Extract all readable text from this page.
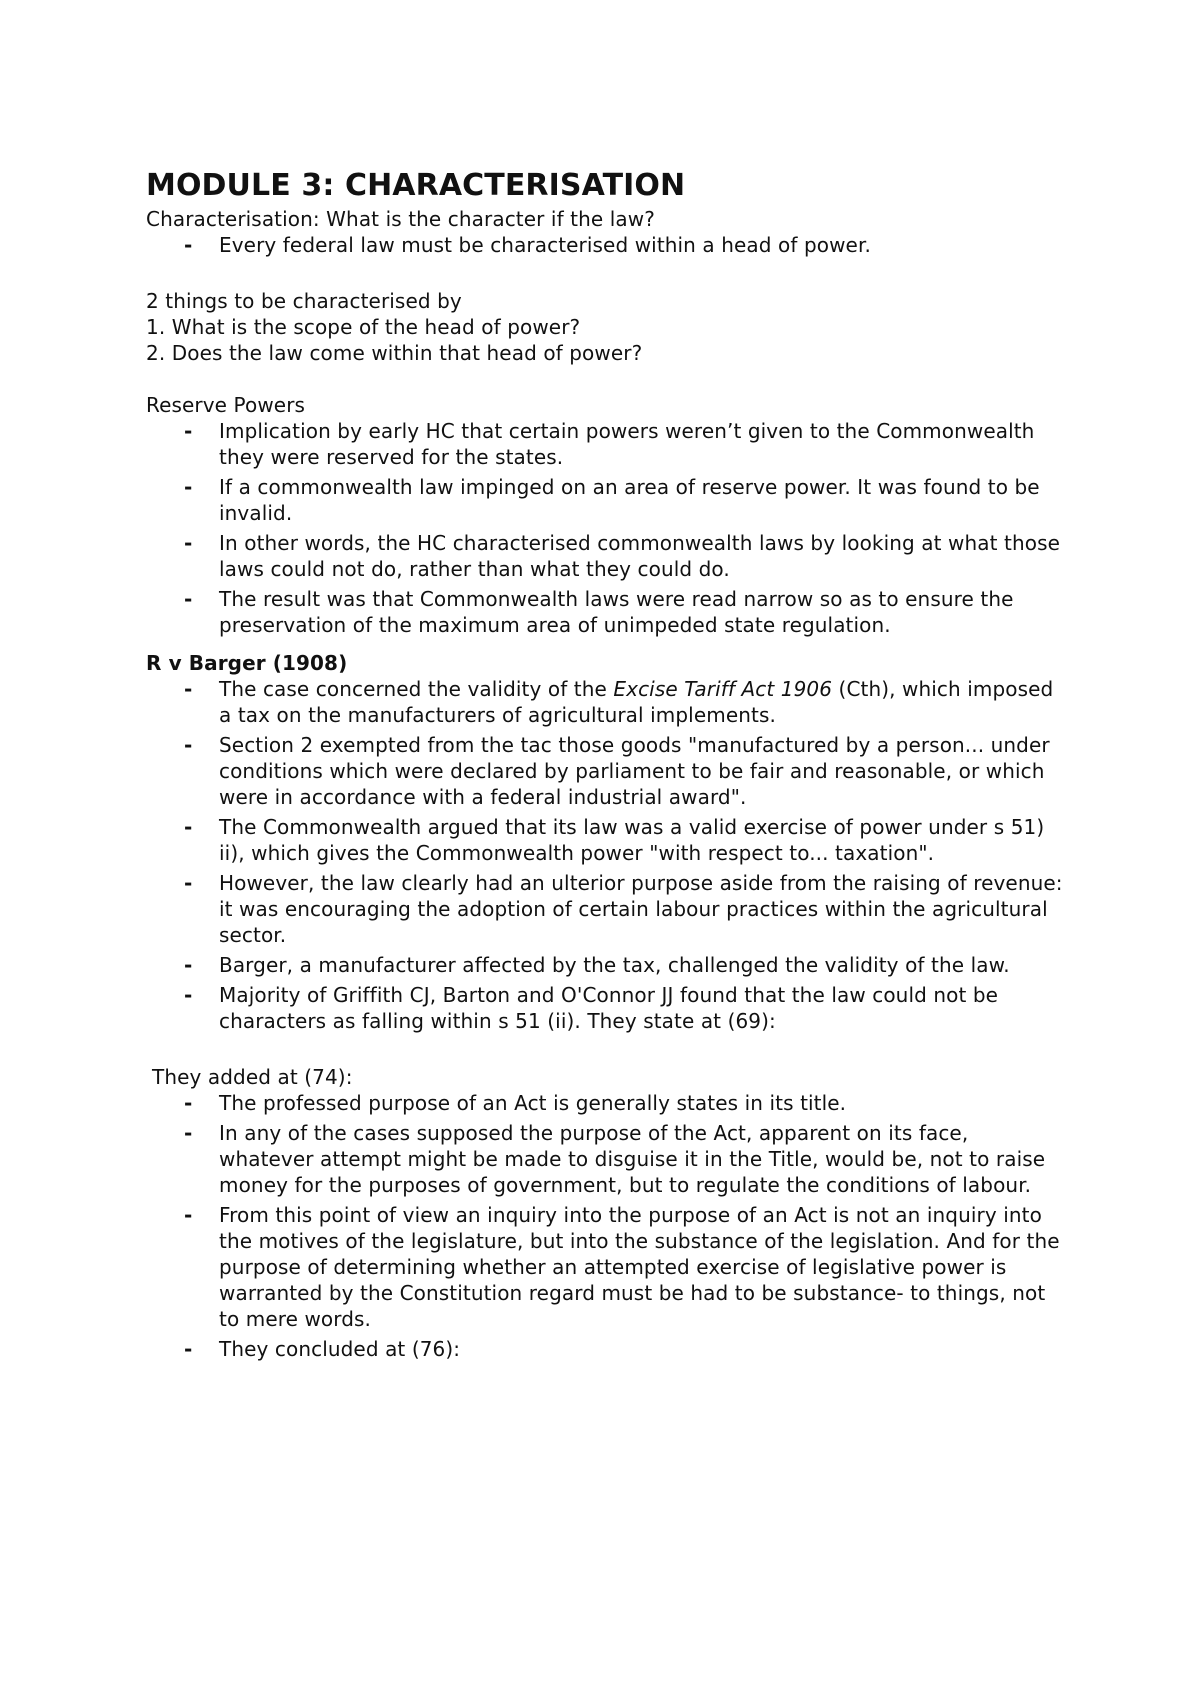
MODULE 3: CHARACTERISATION

Characterisation: What is the character if the law?

- Every federal law must be characterised within a head of power.

2 things to be characterised by

1. What is the scope of the head of power?

2. Does the law come within that head of power?

Reserve Powers

- Implication by early HC that certain powers weren’t given to the Commonwealth they were reserved for the states.
- If a commonwealth law impinged on an area of reserve power. It was found to be invalid.
- In other words, the HC characterised commonwealth laws by looking at what those laws could not do, rather than what they could do.
- The result was that Commonwealth laws were read narrow so as to ensure the preservation of the maximum area of unimpeded state regulation.

R v Barger (1908)

- The case concerned the validity of the Excise Tariff Act 1906 (Cth), which imposed a tax on the manufacturers of agricultural implements.
- Section 2 exempted from the tac those goods "manufactured by a person... under conditions which were declared by parliament to be fair and reasonable, or which were in accordance with a federal industrial award".
- The Commonwealth argued that its law was a valid exercise of power under s 51) ii), which gives the Commonwealth power "with respect to... taxation".
- However, the law clearly had an ulterior purpose aside from the raising of revenue: it was encouraging the adoption of certain labour practices within the agricultural sector.
- Barger, a manufacturer affected by the tax, challenged the validity of the law.
- Majority of Griffith CJ, Barton and O'Connor JJ found that the law could not be characters as falling within s 51 (ii). They state at (69):

They added at (74):

- The professed purpose of an Act is generally states in its title.
- In any of the cases supposed the purpose of the Act, apparent on its face, whatever attempt might be made to disguise it in the Title, would be, not to raise money for the purposes of government, but to regulate the conditions of labour.
- From this point of view an inquiry into the purpose of an Act is not an inquiry into the motives of the legislature, but into the substance of the legislation. And for the purpose of determining whether an attempted exercise of legislative power is warranted by the Constitution regard must be had to be substance- to things, not to mere words.
- They concluded at (76):
